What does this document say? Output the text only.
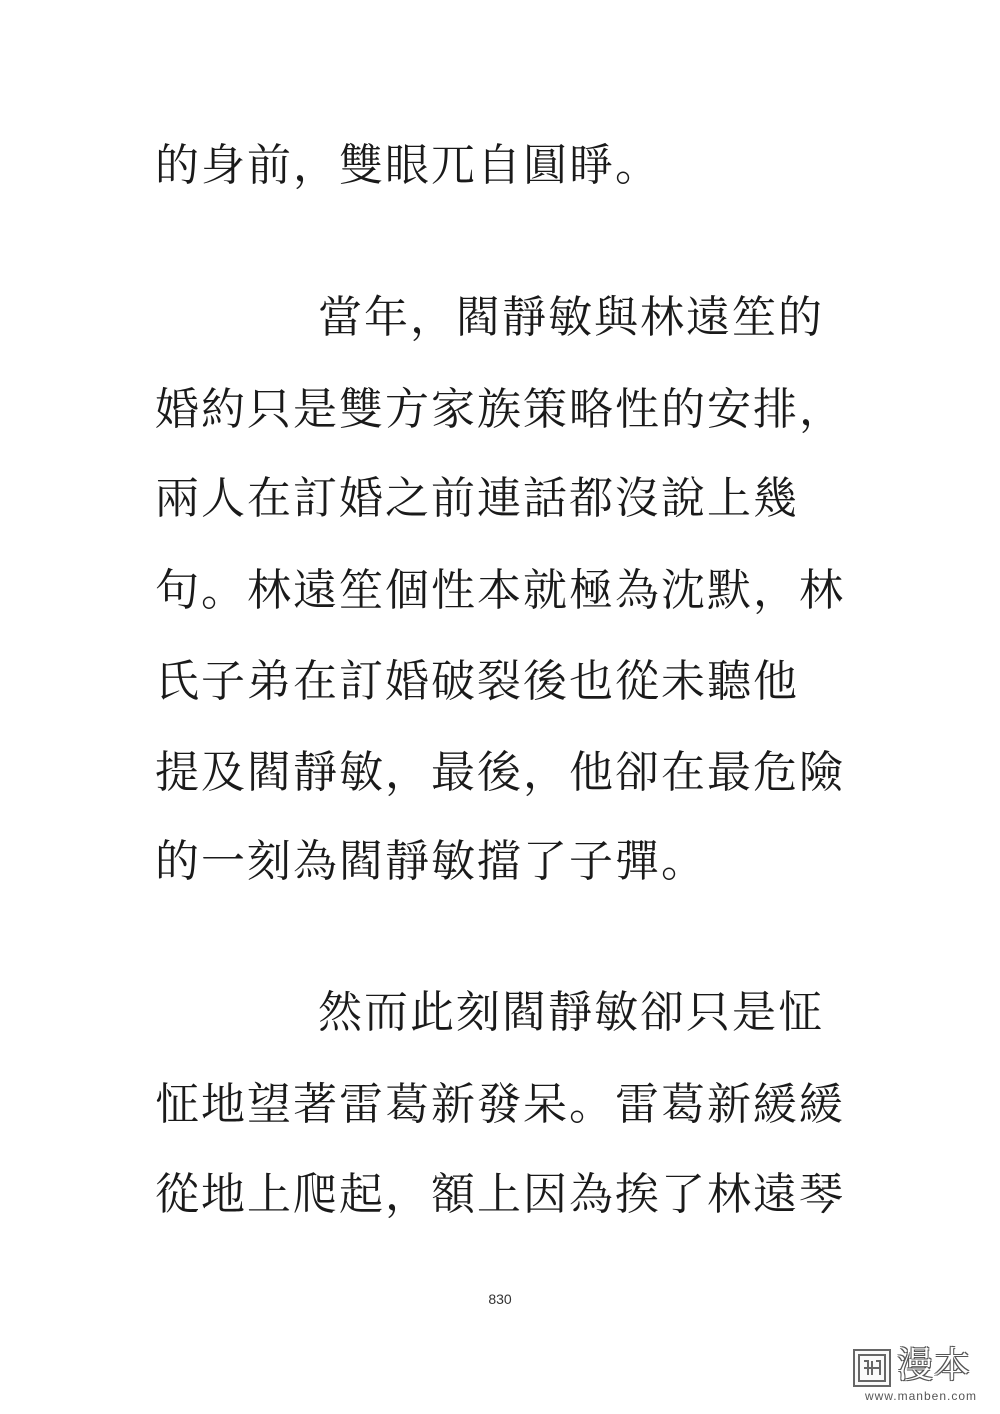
的身前，雙眼兀自圓睜。
當年，閻靜敏與林遠笙的
婚約只是雙方家族策略性的安排，
兩人在訂婚之前連話都沒說上幾
句。林遠笙個性本就極為沈默，林
氏子弟在訂婚破裂後也從未聽他
提及閻靜敏，最後，他卻在最危險
的一刻為閻靜敏擋了子彈。
然而此刻閻靜敏卻只是怔
怔地望著雷葛新發呆。雷葛新緩緩
從地上爬起，額上因為挨了林遠琴
830
漫本
www.manben.com
